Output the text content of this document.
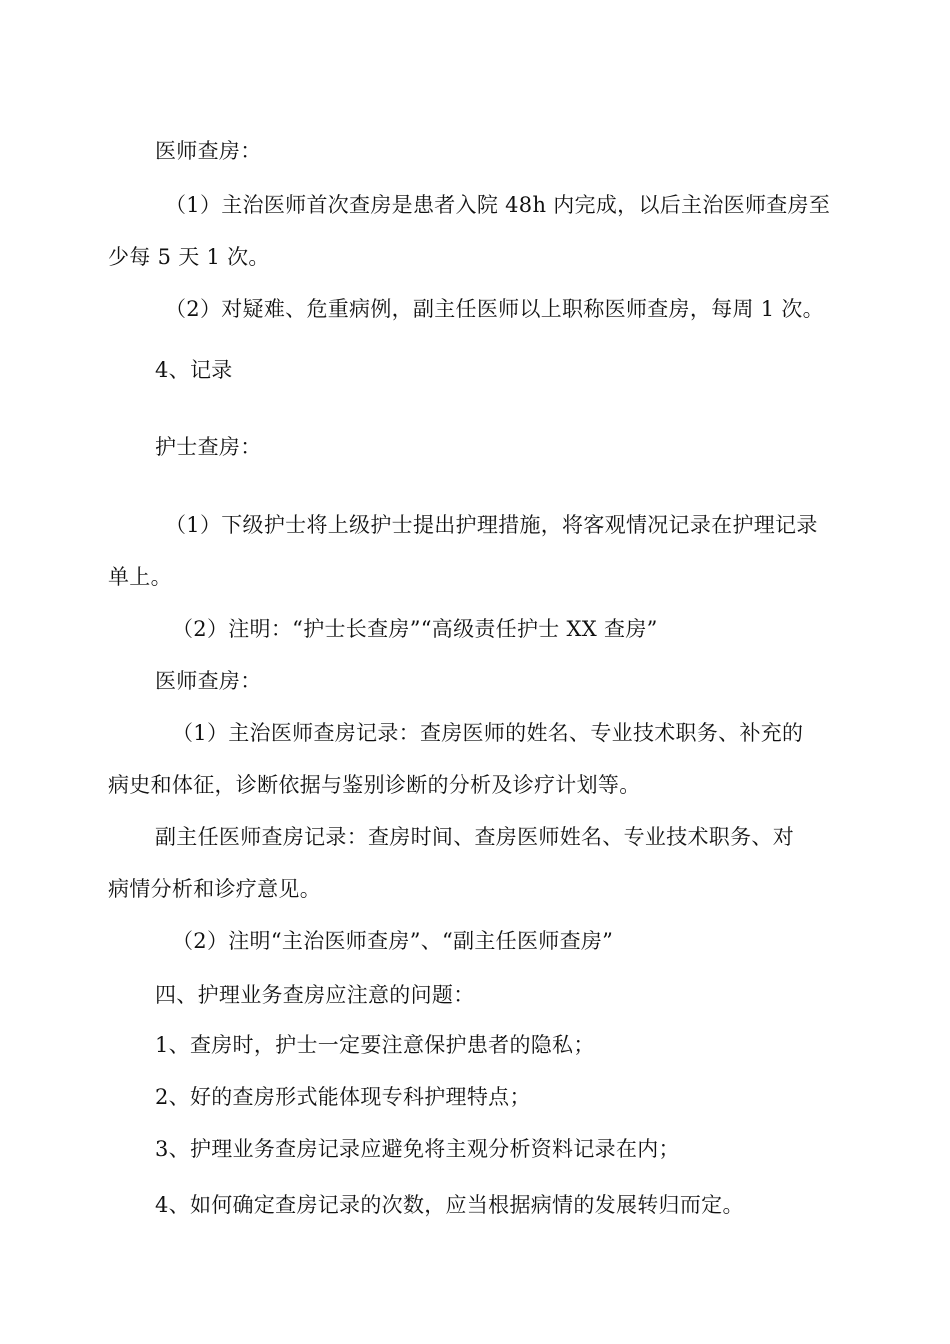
医师查房：
（1）主治医师首次查房是患者入院 48h 内完成，以后主治医师查房至
少每 5 天 1 次。
（2）对疑难、危重病例，副主任医师以上职称医师查房，每周 1 次。
4、记录
护士查房：
（1）下级护士将上级护士提出护理措施，将客观情况记录在护理记录
单上。
（2）注明：“护士长查房”“高级责任护士 XX 查房”
医师查房：
（1）主治医师查房记录：查房医师的姓名、专业技术职务、补充的
病史和体征，诊断依据与鉴别诊断的分析及诊疗计划等。
副主任医师查房记录：查房时间、查房医师姓名、专业技术职务、对
病情分析和诊疗意见。
（2）注明“主治医师查房”、“副主任医师查房”
四、护理业务查房应注意的问题：
1、查房时，护士一定要注意保护患者的隐私；
2、好的查房形式能体现专科护理特点；
3、护理业务查房记录应避免将主观分析资料记录在内；
4、如何确定查房记录的次数，应当根据病情的发展转归而定。
